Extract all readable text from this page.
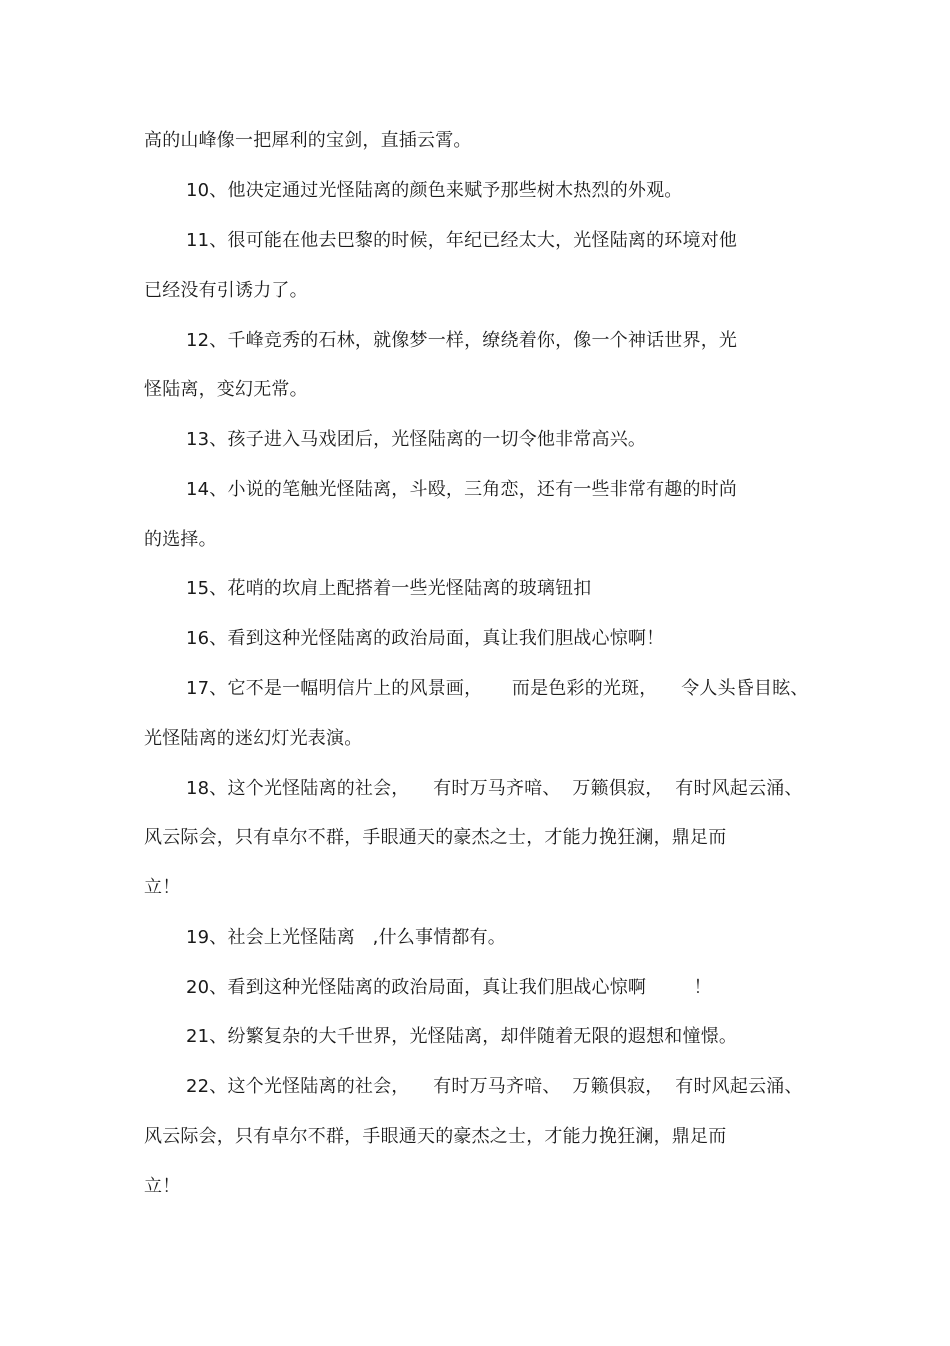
高的山峰像一把犀利的宝剑，直插云霄。
10、他决定通过光怪陆离的颜色来赋予那些树木热烈的外观。
11、很可能在他去巴黎的时候，年纪已经太大，光怪陆离的环境对他
已经没有引诱力了。
12、千峰竞秀的石林，就像梦一样，缭绕着你，像一个神话世界，光
怪陆离，变幻无常。
13、孩子进入马戏团后，光怪陆离的一切令他非常高兴。
14、小说的笔触光怪陆离，斗殴，三角恋，还有一些非常有趣的时尚
的选择。
15、花哨的坎肩上配搭着一些光怪陆离的玻璃钮扣
16、看到这种光怪陆离的政治局面，真让我们胆战心惊啊！
17、它不是一幅明信片上的风景画，     而是色彩的光斑，    令人头昏目眩、
光怪陆离的迷幻灯光表演。
18、这个光怪陆离的社会，    有时万马齐喑、  万籁俱寂，  有时风起云涌、
风云际会，只有卓尔不群，手眼通天的豪杰之士，才能力挽狂澜，鼎足而
立！
19、社会上光怪陆离   ,什么事情都有。
20、看到这种光怪陆离的政治局面，真让我们胆战心惊啊        ！
21、纷繁复杂的大千世界，光怪陆离，却伴随着无限的遐想和憧憬。
22、这个光怪陆离的社会，    有时万马齐喑、  万籁俱寂，  有时风起云涌、
风云际会，只有卓尔不群，手眼通天的豪杰之士，才能力挽狂澜，鼎足而
立！
